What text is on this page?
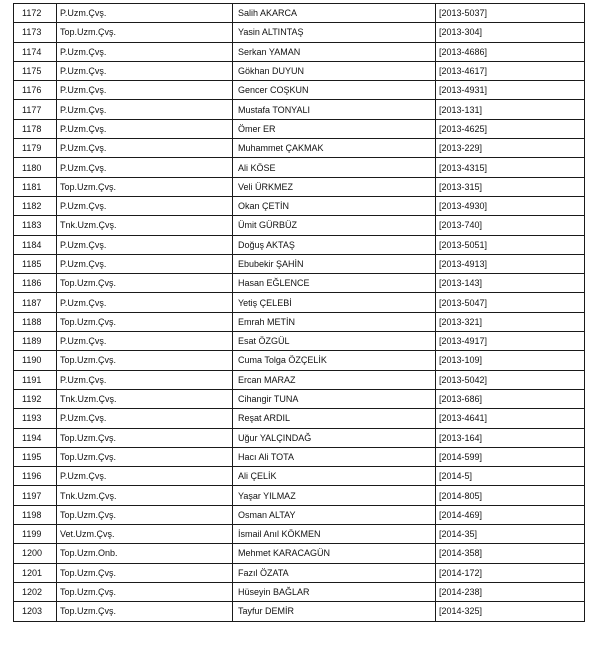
1172	P.Uzm.Çvş.	Salih AKARCA	[2013-5037]
1173	Top.Uzm.Çvş.	Yasin ALTINTAŞ	[2013-304]
1174	P.Uzm.Çvş.	Serkan YAMAN	[2013-4686]
1175	P.Uzm.Çvş.	Gökhan DUYUN	[2013-4617]
1176	P.Uzm.Çvş.	Gencer COŞKUN	[2013-4931]
1177	P.Uzm.Çvş.	Mustafa TONYALI	[2013-131]
1178	P.Uzm.Çvş.	Ömer ER	[2013-4625]
1179	P.Uzm.Çvş.	Muhammet ÇAKMAK	[2013-229]
1180	P.Uzm.Çvş.	Ali KÖSE	[2013-4315]
1181	Top.Uzm.Çvş.	Veli ÜRKMEZ	[2013-315]
1182	P.Uzm.Çvş.	Okan ÇETİN	[2013-4930]
1183	Tnk.Uzm.Çvş.	Ümit GÜRBÜZ	[2013-740]
1184	P.Uzm.Çvş.	Doğuş AKTAŞ	[2013-5051]
1185	P.Uzm.Çvş.	Ebubekir ŞAHİN	[2013-4913]
1186	Top.Uzm.Çvş.	Hasan EĞLENCE	[2013-143]
1187	P.Uzm.Çvş.	Yetiş ÇELEBİ	[2013-5047]
1188	Top.Uzm.Çvş.	Emrah METİN	[2013-321]
1189	P.Uzm.Çvş.	Esat ÖZGÜL	[2013-4917]
1190	Top.Uzm.Çvş.	Cuma Tolga ÖZÇELİK	[2013-109]
1191	P.Uzm.Çvş.	Ercan MARAZ	[2013-5042]
1192	Tnk.Uzm.Çvş.	Cihangir TUNA	[2013-686]
1193	P.Uzm.Çvş.	Reşat ARDIL	[2013-4641]
1194	Top.Uzm.Çvş.	Uğur YALÇINDAĞ	[2013-164]
1195	Top.Uzm.Çvş.	Hacı Ali TOTA	[2014-599]
1196	P.Uzm.Çvş.	Ali ÇELİK	[2014-5]
1197	Tnk.Uzm.Çvş.	Yaşar YILMAZ	[2014-805]
1198	Top.Uzm.Çvş.	Osman ALTAY	[2014-469]
1199	Vet.Uzm.Çvş.	İsmail Anıl KÖKMEN	[2014-35]
1200	Top.Uzm.Onb.	Mehmet KARACAGÜN	[2014-358]
1201	Top.Uzm.Çvş.	Fazıl ÖZATA	[2014-172]
1202	Top.Uzm.Çvş.	Hüseyin BAĞLAR	[2014-238]
1203	Top.Uzm.Çvş.	Tayfur DEMİR	[2014-325]
